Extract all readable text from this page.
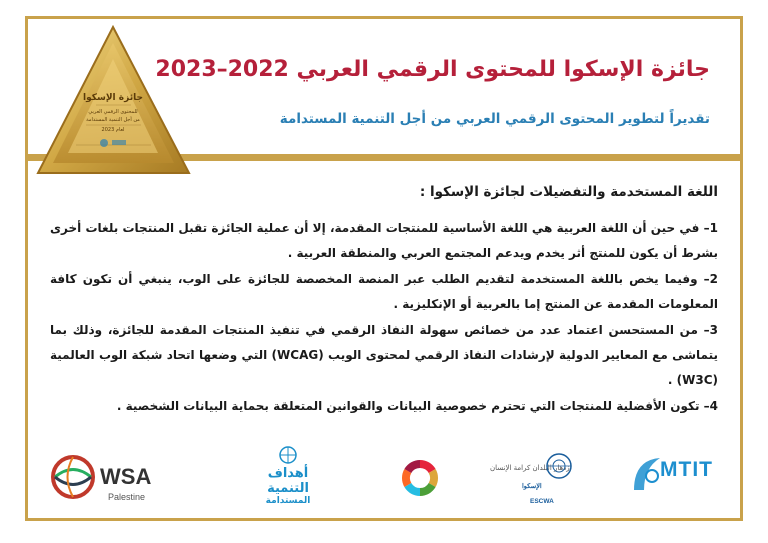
جائزة الإسكوا
للمحتوى الرقمي العربي
من أجل التنمية المستدامة
لعام 2023
جائزة الإسكوا للمحتوى الرقمي العربي 2022–2023
تقديراً لتطوير المحتوى الرقمي العربي من أجل التنمية المستدامة
اللغة المستخدمة والتفضيلات لجائزة الإسكوا :

1– في حين أن اللغة العربية هي اللغة الأساسية للمنتجات المقدمة، إلا أن عملية الجائزة تقبل المنتجات بلغات أخرى بشرط أن يكون للمنتج أثر يخدم ويدعم المجتمع العربي والمنطقة العربية .

2– وفيما يخص باللغة المستخدمة لتقديم الطلب عبر المنصة المخصصة للجائزة على الوب، ينبغي أن تكون كافة المعلومات المقدمة عن المنتج إما بالعربية أو الإنكليزية .

3– من المستحسن اعتماد عدد من خصائص سهولة النفاذ الرقمي في تنفيذ المنتجات المقدمة للجائزة، وذلك بما يتماشى مع المعايير الدولية لإرشادات النفاذ الرقمي لمحتوى الويب (WCAG) التي وضعها اتحاد شبكة الوب العالمية (W3C) .

4– تكون الأفضلية للمنتجات التي تحترم خصوصية البيانات والقوانين المتعلقة بحماية البيانات الشخصية .

WSA
Palestine
أهداف
التنمية
المستدامة
ازدهار البلدان كرامة الإنسان
الإسكوا
ESCWA
MTIT
